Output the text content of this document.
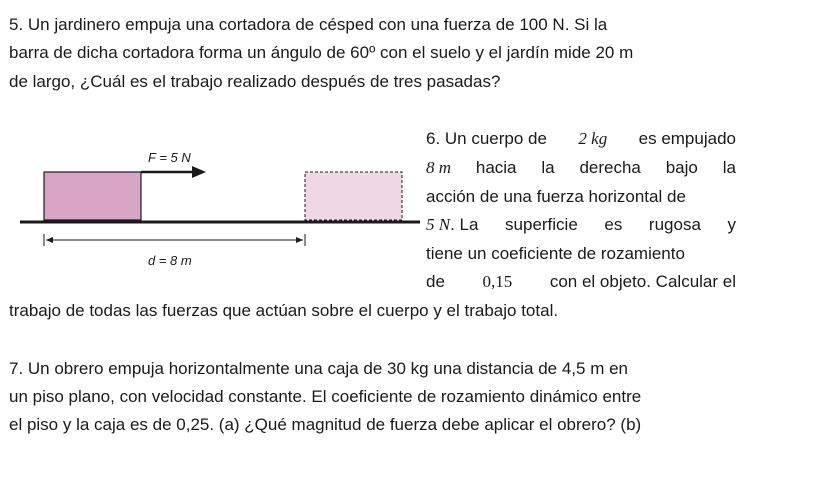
5. Un jardinero empuja una cortadora de césped con una fuerza de 100 N. Si la
barra de dicha cortadora forma un ángulo de 60º con el suelo y el jardín mide 20 m
de largo, ¿Cuál es el trabajo realizado después de tres pasadas?
F = 5 N
d = 8 m
6. Un cuerpo de 2 kg es empujado
8 m hacia la derecha bajo la
acción de una fuerza horizontal de
5 N. La superficie es rugosa y
tiene un coeficiente de rozamiento
de 0,15 con el objeto. Calcular el
trabajo de todas las fuerzas que actúan sobre el cuerpo y el trabajo total.
7. Un obrero empuja horizontalmente una caja de 30 kg una distancia de 4,5 m en
un piso plano, con velocidad constante. El coeficiente de rozamiento dinámico entre
el piso y la caja es de 0,25. (a) ¿Qué magnitud de fuerza debe aplicar el obrero? (b)
